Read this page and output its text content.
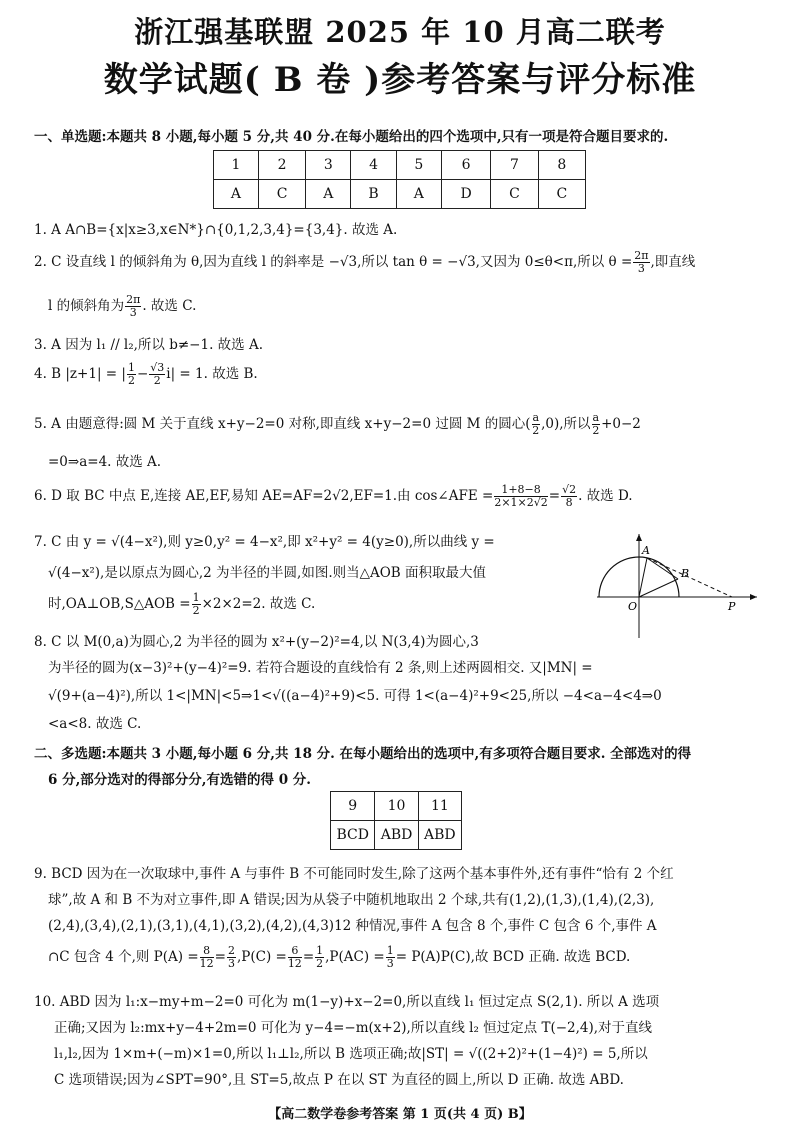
浙江强基联盟 2025 年 10 月高二联考
数学试题( B 卷 )参考答案与评分标准
一、单选题:本题共 8 小题,每小题 5 分,共 40 分.在每小题给出的四个选项中,只有一项是符合题目要求的.
1	2	3	4	5	6	7	8
A	C	A	B	A	D	C	C
1. A A∩B={x|x≥3,x∈N*}∩{0,1,2,3,4}={3,4}. 故选 A.
2. C 设直线 l 的倾斜角为 θ,因为直线 l 的斜率是 −√3,所以 tan θ = −√3,又因为 0≤θ<π,所以 $\theta = \frac{2\pi}{3}$ ,即直线
l 的倾斜角为 $\frac{2\pi}{3}$ . 故选 C.
3. A 因为 l₁ // l₂,所以 b≠−1. 故选 A.
4. B |z+1| = | $\frac{1}{2} - \frac{√3}{2} i| = 1$. 故选 B.
5. A 由题意得:圆 M 关于直线 x+y−2=0 对称,即直线 x+y−2=0 过圆 M 的圆心( $\frac{a}{2} ,0$),所以 $\frac{a}{2} +0-2$
=0⇒a=4. 故选 A.
6. D 取 BC 中点 E,连接 AE,EF,易知 AE=AF=2√2,EF=1.由 cos∠AFE = $\frac{1+8-8}{2\times 1\times 2√2} = \frac{√2}{8}$ . 故选 D.
7. C 由 y = √(4−x²),则 y≥0,y² = 4−x²,即 x²+y² = 4(y≥0),所以曲线 y =
√(4−x²),是以原点为圆心,2 为半径的半圆,如图.则当△AOB 面积取最大值
时,OA⊥OB,S△AOB = $\frac{1}{2} \times 2\times 2=2$. 故选 C.
A
B
O	P
8. C 以 M(0,a)为圆心,2 为半径的圆为 x²+(y−2)²=4,以 N(3,4)为圆心,3
为半径的圆为(x−3)²+(y−4)²=9. 若符合题设的直线恰有 2 条,则上述两圆相交. 又|MN| =
√(9+(a−4)²),所以 1<|MN|<5⇒1<√((a−4)²+9)<5. 可得 1<(a−4)²+9<25,所以 −4<a−4<4⇒0
<a<8. 故选 C.
二、多选题:本题共 3 小题,每小题 6 分,共 18 分. 在每小题给出的选项中,有多项符合题目要求. 全部选对的得
6 分,部分选对的得部分分,有选错的得 0 分.
9	10	11
BCD	ABD	ABD
9. BCD 因为在一次取球中,事件 A 与事件 B 不可能同时发生,除了这两个基本事件外,还有事件“恰有 2 个红
球”,故 A 和 B 不为对立事件,即 A 错误;因为从袋子中随机地取出 2 个球,共有(1,2),(1,3),(1,4),(2,3),
(2,4),(3,4),(2,1),(3,1),(4,1),(3,2),(4,2),(4,3)12 种情况,事件 A 包含 8 个,事件 C 包含 6 个,事件 A
∩C 包含 4 个,则 $P(A) = \frac{8}{12} = \frac{2}{3} ,P(C) = \frac{6}{12} = \frac{1}{2} ,P(AC) = \frac{1}{3} = P(A)P(C)$,故 BCD 正确. 故选 BCD.
10. ABD 因为 l₁:x−my+m−2=0 可化为 m(1−y)+x−2=0,所以直线 l₁ 恒过定点 S(2,1). 所以 A 选项
正确;又因为 l₂:mx+y−4+2m=0 可化为 y−4=−m(x+2),所以直线 l₂ 恒过定点 T(−2,4),对于直线
l₁,l₂,因为 1×m+(−m)×1=0,所以 l₁⊥l₂,所以 B 选项正确;故|ST| = √((2+2)²+(1−4)²) = 5,所以
C 选项错误;因为∠SPT=90°,且 ST=5,故点 P 在以 ST 为直径的圆上,所以 D 正确. 故选 ABD.
【高二数学卷参考答案 第 1 页(共 4 页) B】
